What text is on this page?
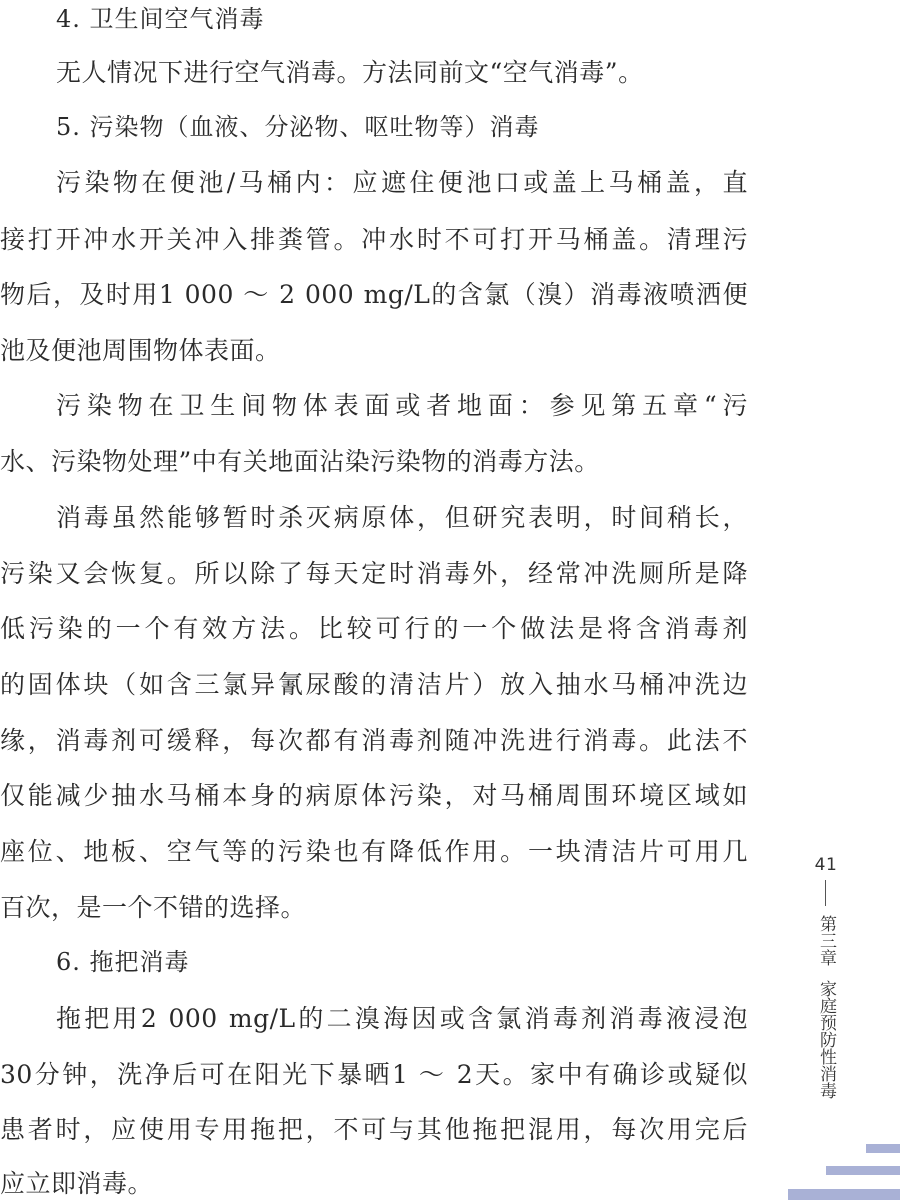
4. 卫生间空气消毒
无人情况下进行空气消毒。方法同前文“空气消毒”。
5. 污染物（血液、分泌物、呕吐物等）消毒
污染物在便池/马桶内：应遮住便池口或盖上马桶盖，直
接打开冲水开关冲入排粪管。冲水时不可打开马桶盖。清理污
物后，及时用1 000 ～ 2 000 mg/L的含氯（溴）消毒液喷洒便
池及便池周围物体表面。
污染物在卫生间物体表面或者地面：参见第五章“污
水、污染物处理”中有关地面沾染污染物的消毒方法。
消毒虽然能够暂时杀灭病原体，但研究表明，时间稍长，
污染又会恢复。所以除了每天定时消毒外，经常冲洗厕所是降
低污染的一个有效方法。比较可行的一个做法是将含消毒剂
的固体块（如含三氯异氰尿酸的清洁片）放入抽水马桶冲洗边
缘，消毒剂可缓释，每次都有消毒剂随冲洗进行消毒。此法不
仅能减少抽水马桶本身的病原体污染，对马桶周围环境区域如
座位、地板、空气等的污染也有降低作用。一块清洁片可用几
百次，是一个不错的选择。
6. 拖把消毒
拖把用2 000 mg/L的二溴海因或含氯消毒剂消毒液浸泡
30分钟，洗净后可在阳光下暴晒1 ～ 2天。家中有确诊或疑似
患者时，应使用专用拖把，不可与其他拖把混用，每次用完后
应立即消毒。
41
第三章家庭预防性消毒
